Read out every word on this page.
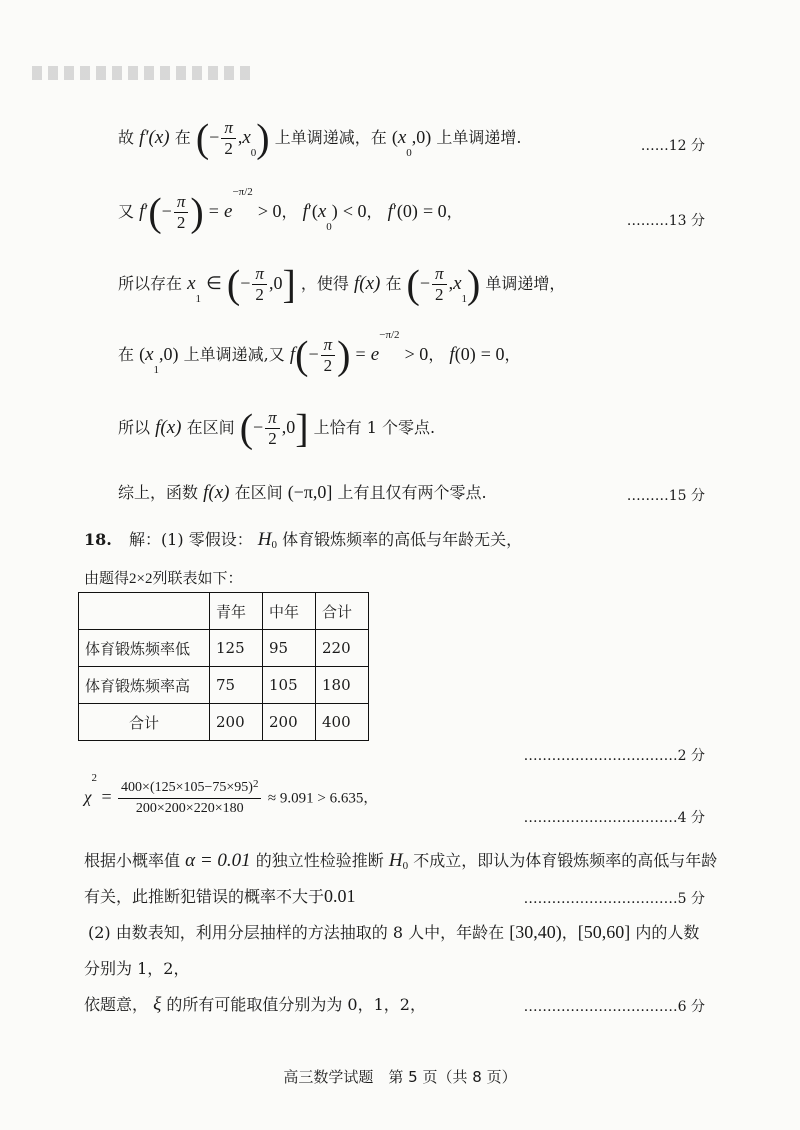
故 f′(x) 在 (− $\frac{\pi}{2} ,x0$) 上单调递减，在 (x0,0) 上单调递增.	……12 分
又 $f'(- \frac{\pi}{2}$ ) = $e^{-\pi/2} > 0$， f′(x0) < 0， f′(0) = 0，	………13 分
所以存在 x1 ∈ (− $\frac{\pi}{2} ,0$] ，使得 f(x) 在 (− $\frac{\pi}{2} ,x1$) 单调递增，
在 (x1,0) 上单调递减,又 $f(- \frac{\pi}{2}$ ) = $e^{-\pi/2} > 0$， f(0) = 0，
所以 f(x) 在区间 (− $\frac{\pi}{2} ,0$] 上恰有 1 个零点.
综上，函数 f(x) 在区间 (−π,0] 上有且仅有两个零点.	………15 分
18. 解：(1) 零假设： H0 体育锻炼频率的高低与年龄无关，
由题得2×2列联表如下：
	青年	中年	合计
体育锻炼频率低	125	95	220
体育锻炼频率高	75	105	180
合计	200	200	400
……………………………2 分
$\chi^2 = \frac{400\times(125\times 105-75\times 95)^2}{200\times 200\times 220\times 180} \approx 9.091 > 6.635$，
……………………………4 分
根据小概率值 α = 0.01 的独立性检验推断 H0 不成立，即认为体育锻炼频率的高低与年龄
有关，此推断犯错误的概率不大于0.01	……………………………5 分
(2) 由数表知，利用分层抽样的方法抽取的 8 人中，年龄在 [30,40)，[50,60] 内的人数
分别为 1，2，
依题意， ξ 的所有可能取值分别为为 0，1，2，	……………………………6 分
高三数学试题　第 5 页（共 8 页）
